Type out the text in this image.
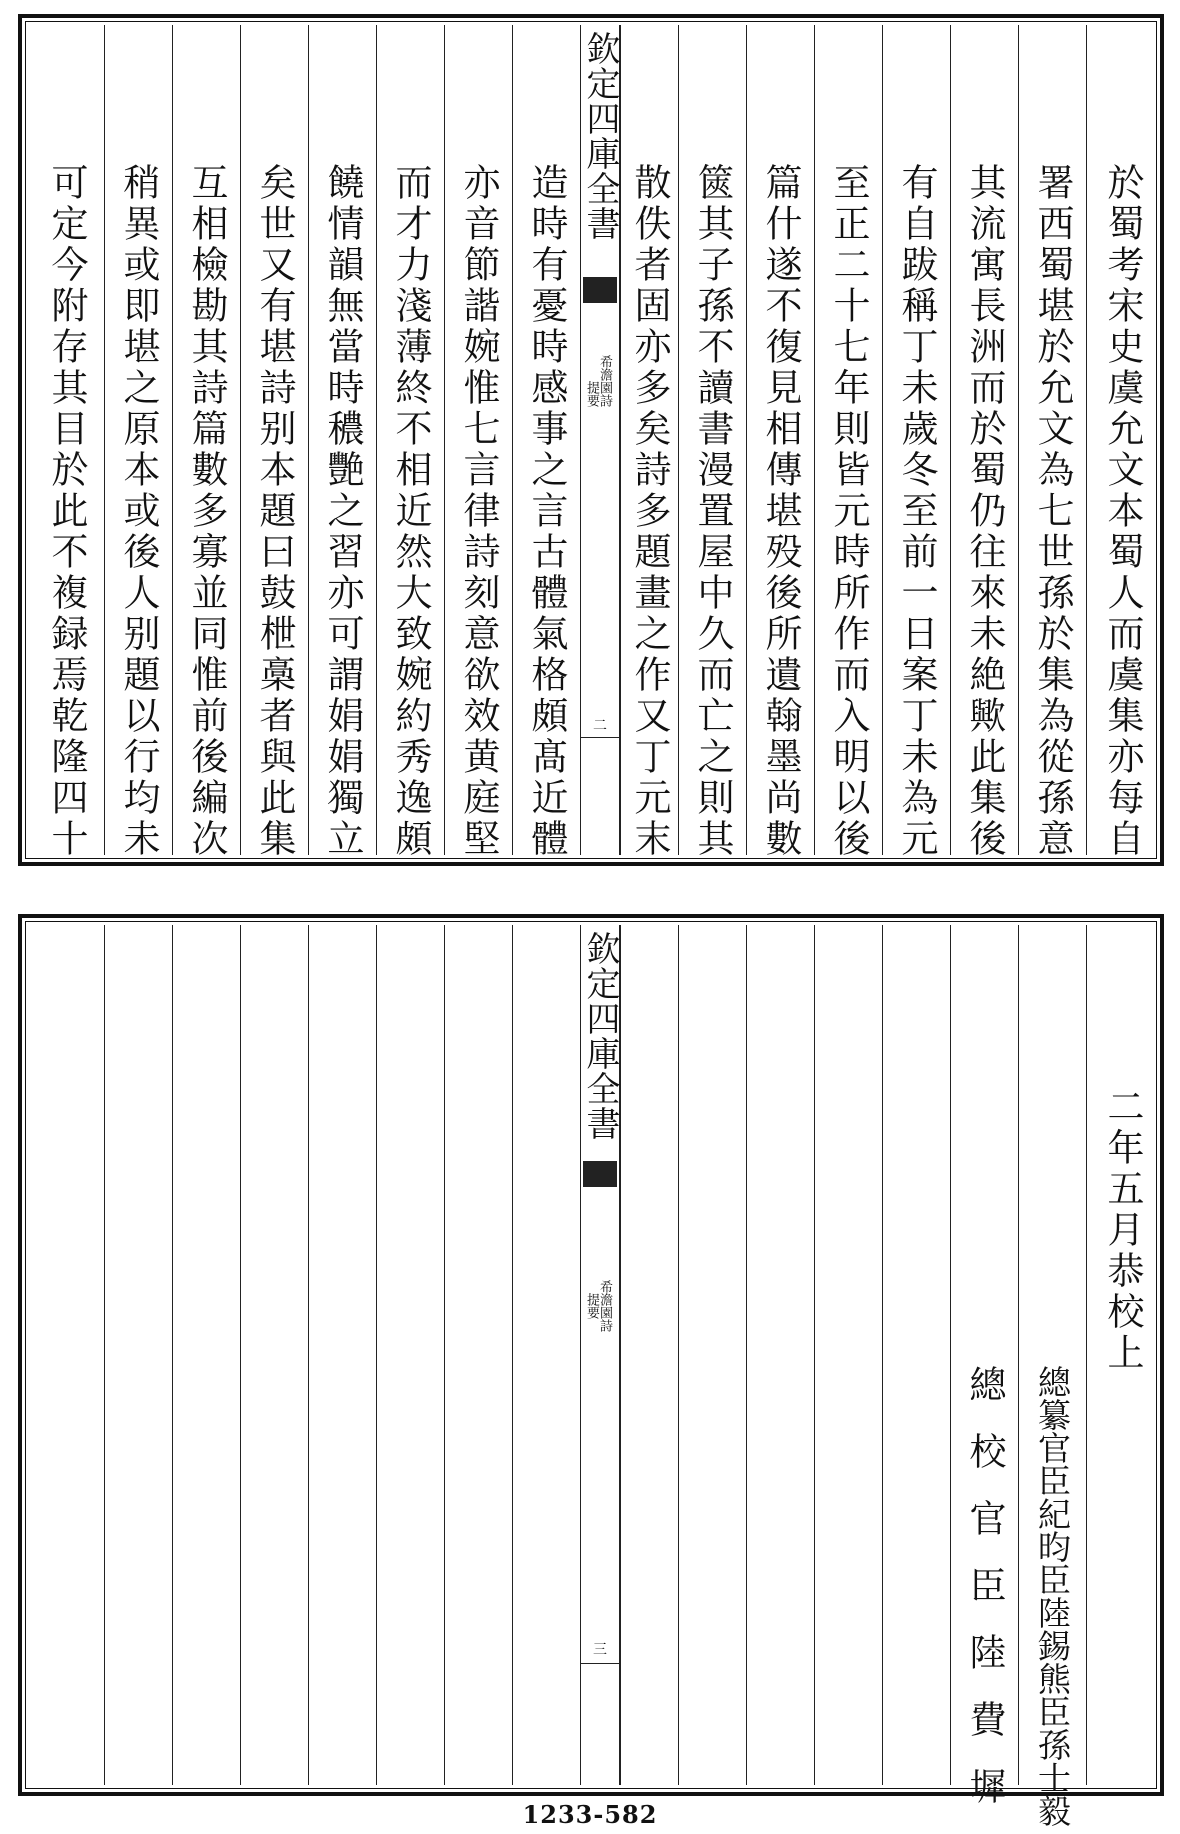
於蜀考宋史虞允文本蜀人而虞集亦每自
署西蜀堪於允文為七世孫於集為從孫意
其流寓長洲而於蜀仍往來未絶歟此集後
有自跋稱丁未歲冬至前一日案丁未為元
至正二十七年則皆元時所作而入明以後
篇什遂不復見相傳堪殁後所遺翰墨尚數
篋其子孫不讀書漫置屋中久而亡之則其
散佚者固亦多矣詩多題畫之作又丁元末
欽定四庫全書
希澹園詩
提要
二
造時有憂時感事之言古體氣格頗髙近體
亦音節諧婉惟七言律詩刻意欲效黄庭堅
而才力淺薄終不相近然大致婉約秀逸頗
饒情韻無當時穠艷之習亦可謂娟娟獨立
矣世又有堪詩别本題曰鼓枻槀者與此集
互相檢勘其詩篇數多寡並同惟前後編次
稍異或即堪之原本或後人别題以行均未
可定今附存其目於此不複録焉乾隆四十
二年五月恭校上
總纂官臣紀昀臣陸錫熊臣孫士毅
總校官臣陸費墀
欽定四庫全書
希澹園詩
提要
三
1233-582
